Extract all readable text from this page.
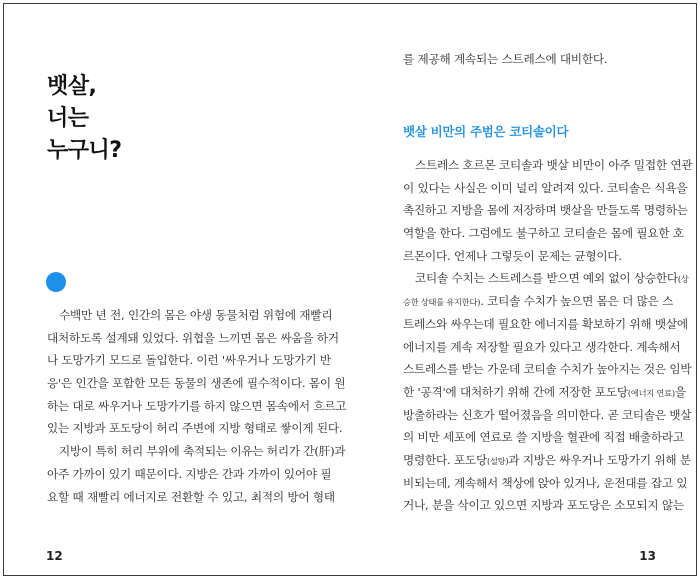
뱃살,
너는
누구니?
수백만 년 전, 인간의 몸은 야생 동물처럼 위험에 재빨리
대처하도록 설계돼 있었다. 위협을 느끼면 몸은 싸움을 하거
나 도망가기 모드로 돌입한다. 이런 '싸우거나 도망가기 반
응'은 인간을 포함한 모든 동물의 생존에 필수적이다. 몸이 원
하는 대로 싸우거나 도망가기를 하지 않으면 몸속에서 흐르고
있는 지방과 포도당이 허리 주변에 지방 형태로 쌓이게 된다.
지방이 특히 허리 부위에 축적되는 이유는 허리가 간(肝)과
아주 가까이 있기 때문이다. 지방은 간과 가까이 있어야 필
요할 때 재빨리 에너지로 전환할 수 있고, 최적의 방어 형태
12
를 제공해 계속되는 스트레스에 대비한다.
뱃살 비만의 주범은 코티솔이다
스트레스 호르몬 코티솔과 뱃살 비만이 아주 밀접한 연관
이 있다는 사실은 이미 널리 알려져 있다. 코티솔은 식욕을
촉진하고 지방을 몸에 저장하며 뱃살을 만들도록 명령하는
역할을 한다. 그럼에도 불구하고 코티솔은 몸에 필요한 호
르몬이다. 언제나 그렇듯이 문제는 균형이다.
코티솔 수치는 스트레스를 받으면 예외 없이 상승한다(상
승한 상태를 유지한다). 코티솔 수치가 높으면 몸은 더 많은 스
트레스와 싸우는데 필요한 에너지를 확보하기 위해 뱃살에
에너지를 계속 저장할 필요가 있다고 생각한다. 계속해서
스트레스를 받는 가운데 코티솔 수치가 높아지는 것은 임박
한 '공격'에 대처하기 위해 간에 저장한 포도당(에너지 연료)을
방출하라는 신호가 떨어졌음을 의미한다. 곧 코티솔은 뱃살
의 비만 세포에 연료로 쓸 지방을 혈관에 직접 배출하라고
명령한다. 포도당(설탕)과 지방은 싸우거나 도망가기 위해 분
비되는데, 계속해서 책상에 앉아 있거나, 운전대를 잡고 있
거나, 분을 삭이고 있으면 지방과 포도당은 소모되지 않는
13
